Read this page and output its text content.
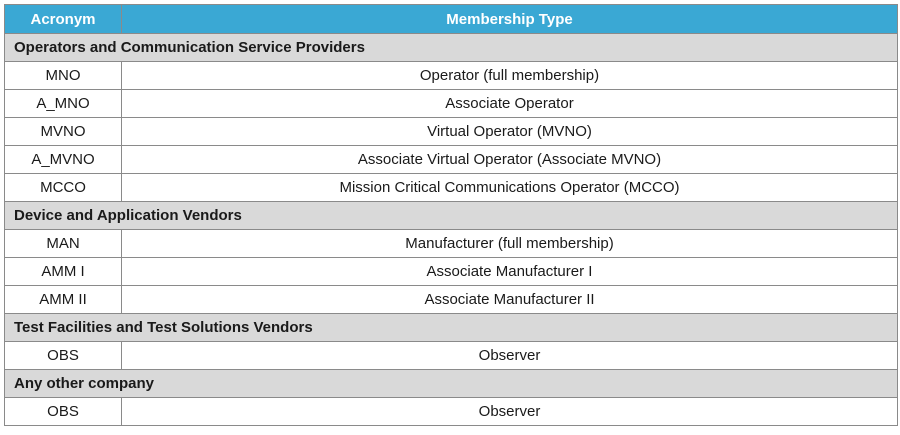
Acronym	Membership Type
Operators and Communication Service Providers	
MNO	Operator (full membership)
A_MNO	Associate Operator
MVNO	Virtual Operator (MVNO)
A_MVNO	Associate Virtual Operator (Associate MVNO)
MCCO	Mission Critical Communications Operator (MCCO)
Device and Application Vendors	
MAN	Manufacturer (full membership)
AMM I	Associate Manufacturer I
AMM II	Associate Manufacturer II
Test Facilities and Test Solutions Vendors	
OBS	Observer
Any other company	
OBS	Observer
